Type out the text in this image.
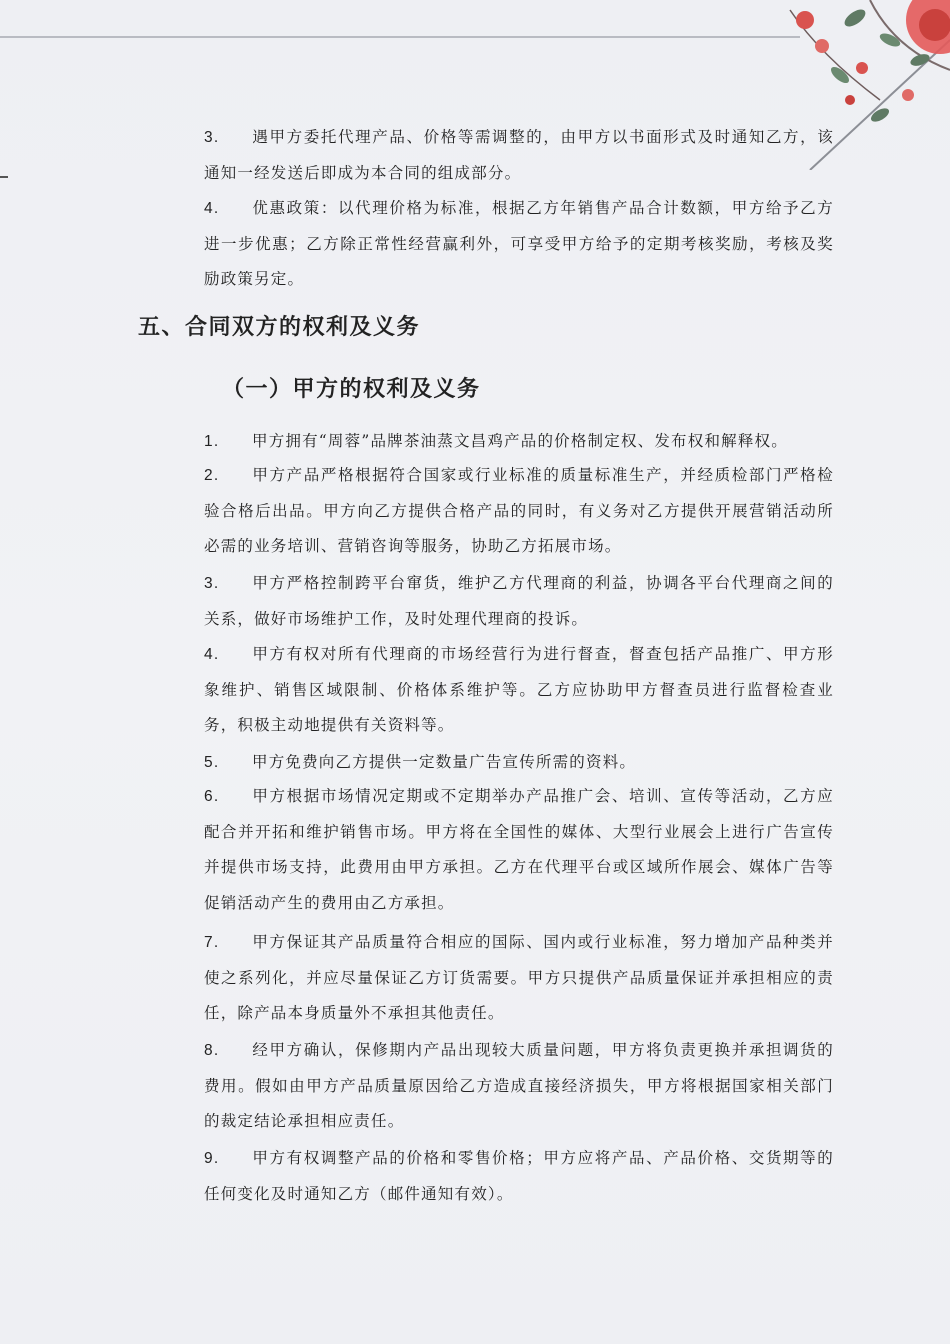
3. 遇甲方委托代理产品、价格等需调整的，由甲方以书面形式及时通知乙方，该通知一经发送后即成为本合同的组成部分。
4. 优惠政策：以代理价格为标准，根据乙方年销售产品合计数额，甲方给予乙方进一步优惠；乙方除正常性经营赢利外，可享受甲方给予的定期考核奖励，考核及奖励政策另定。
五、合同双方的权利及义务
（一）甲方的权利及义务
1. 甲方拥有“周蓉”品牌茶油蒸文昌鸡产品的价格制定权、发布权和解释权。
2. 甲方产品严格根据符合国家或行业标准的质量标准生产，并经质检部门严格检验合格后出品。甲方向乙方提供合格产品的同时，有义务对乙方提供开展营销活动所必需的业务培训、营销咨询等服务，协助乙方拓展市场。
3. 甲方严格控制跨平台窜货，维护乙方代理商的利益，协调各平台代理商之间的关系，做好市场维护工作，及时处理代理商的投诉。
4. 甲方有权对所有代理商的市场经营行为进行督查，督查包括产品推广、甲方形象维护、销售区域限制、价格体系维护等。乙方应协助甲方督查员进行监督检查业务，积极主动地提供有关资料等。
5. 甲方免费向乙方提供一定数量广告宣传所需的资料。
6. 甲方根据市场情况定期或不定期举办产品推广会、培训、宣传等活动，乙方应配合并开拓和维护销售市场。甲方将在全国性的媒体、大型行业展会上进行广告宣传并提供市场支持，此费用由甲方承担。乙方在代理平台或区域所作展会、媒体广告等促销活动产生的费用由乙方承担。
7. 甲方保证其产品质量符合相应的国际、国内或行业标准，努力增加产品种类并使之系列化，并应尽量保证乙方订货需要。甲方只提供产品质量保证并承担相应的责任，除产品本身质量外不承担其他责任。
8. 经甲方确认，保修期内产品出现较大质量问题，甲方将负责更换并承担调货的费用。假如由甲方产品质量原因给乙方造成直接经济损失，甲方将根据国家相关部门的裁定结论承担相应责任。
9. 甲方有权调整产品的价格和零售价格；甲方应将产品、产品价格、交货期等的任何变化及时通知乙方（邮件通知有效）。
